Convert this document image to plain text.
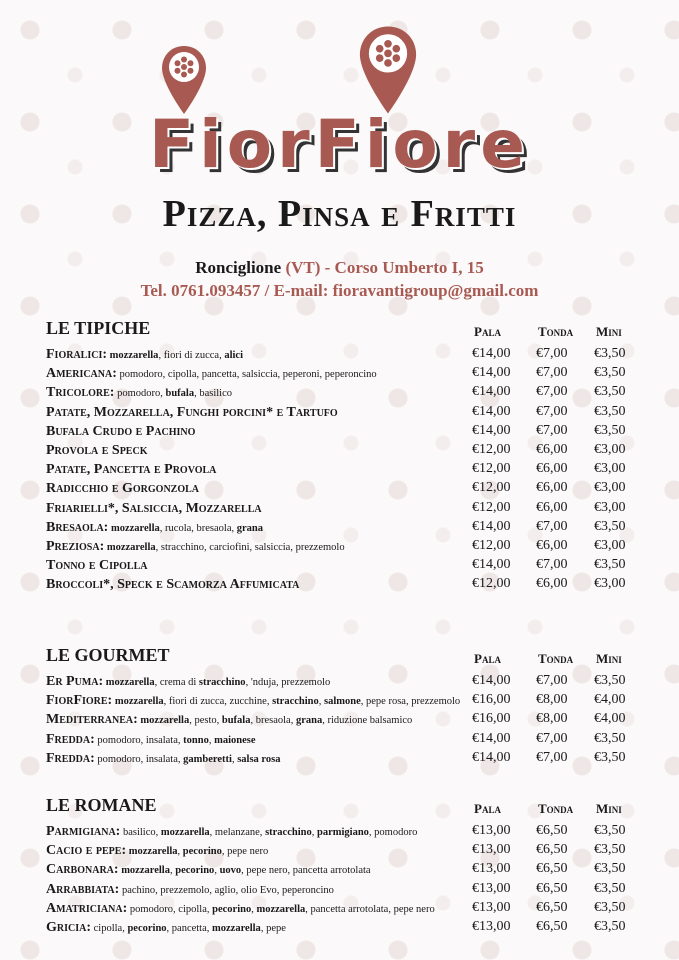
FiorFiore
Pizza, Pinsa e Fritti
Ronciglione (VT) - Corso Umberto I, 15
Tel. 0761.093457 / E-mail: fioravantigroup@gmail.com
LE TIPICHE	Pala	Tonda Mini
Fioralici: mozzarella, fiori di zucca, alici	€14,00 €7,00 €3,50
Americana: pomodoro, cipolla, pancetta, salsiccia, peperoni, peperoncino	€14,00 €7,00 €3,50
Tricolore: pomodoro, bufala, basilico	€14,00 €7,00 €3,50
Patate, Mozzarella, Funghi porcini* e Tartufo	€14,00 €7,00 €3,50
Bufala Crudo e Pachino	€14,00 €7,00 €3,50
Provola e Speck	€12,00 €6,00 €3,00
Patate, Pancetta e Provola	€12,00 €6,00 €3,00
Radicchio e Gorgonzola	€12,00 €6,00 €3,00
Friarielli*, Salsiccia, Mozzarella	€12,00 €6,00 €3,00
Bresaola: mozzarella, rucola, bresaola, grana	€14,00 €7,00 €3,50
Preziosa: mozzarella, stracchino, carciofini, salsiccia, prezzemolo	€12,00 €6,00 €3,00
Tonno e Cipolla	€14,00 €7,00 €3,50
Broccoli*, Speck e Scamorza Affumicata	€12,00 €6,00 €3,00
LE GOURMET	Pala	Tonda Mini
Er Puma: mozzarella, crema di stracchino, 'nduja, prezzemolo	€14,00 €7,00 €3,50
FiorFiore: mozzarella, fiori di zucca, zucchine, stracchino, salmone, pepe rosa, prezzemolo €16,00 €8,00 €4,00
Mediterranea: mozzarella, pesto, bufala, bresaola, grana, riduzione balsamico	€16,00 €8,00 €4,00
Fredda: pomodoro, insalata, tonno, maionese	€14,00 €7,00 €3,50
Fredda: pomodoro, insalata, gamberetti, salsa rosa	€14,00 €7,00 €3,50
LE ROMANE	Pala	Tonda Mini
Parmigiana: basilico, mozzarella, melanzane, stracchino, parmigiano, pomodoro	€13,00 €6,50 €3,50
Cacio e pepe: mozzarella, pecorino, pepe nero	€13,00 €6,50 €3,50
Carbonara: mozzarella, pecorino, uovo, pepe nero, pancetta arrotolata	€13,00 €6,50 €3,50
Arrabbiata: pachino, prezzemolo, aglio, olio Evo, peperoncino	€13,00 €6,50 €3,50
Amatriciana: pomodoro, cipolla, pecorino, mozzarella, pancetta arrotolata, pepe nero	€13,00 €6,50 €3,50
Gricia: cipolla, pecorino, pancetta, mozzarella, pepe	€13,00 €6,50 €3,50
